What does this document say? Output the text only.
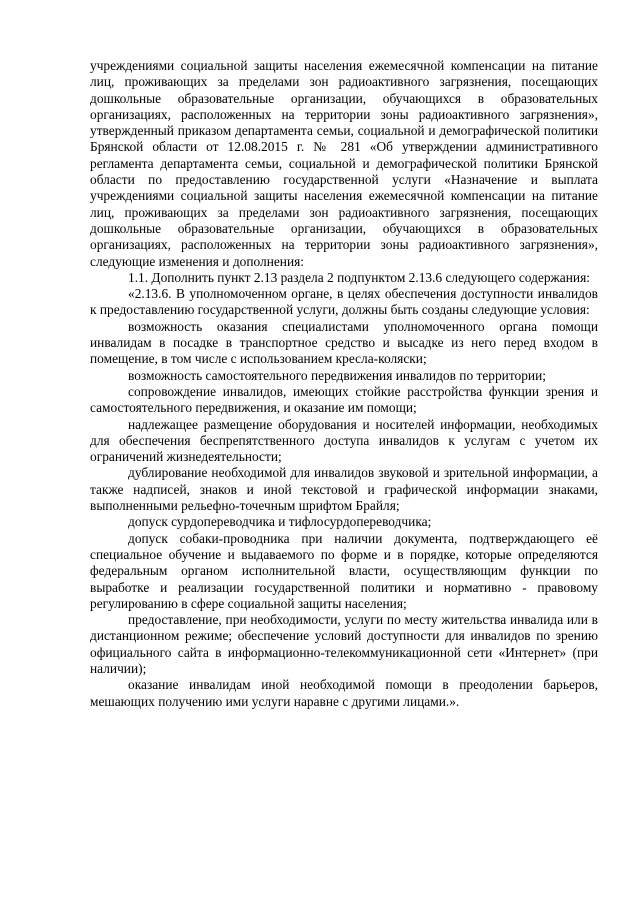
учреждениями социальной защиты населения ежемесячной компенсации на питание лиц, проживающих за пределами зон радиоактивного загрязнения, посещающих дошкольные образовательные организации, обучающихся в образовательных организациях, расположенных на территории зоны радиоактивного загрязнения», утвержденный приказом департамента семьи, социальной и демографической политики Брянской области от 12.08.2015 г. № 281 «Об утверждении административного регламента департамента семьи, социальной и демографической политики Брянской области по предоставлению государственной услуги «Назначение и выплата учреждениями социальной защиты населения ежемесячной компенсации на питание лиц, проживающих за пределами зон радиоактивного загрязнения, посещающих дошкольные образовательные организации, обучающихся в образовательных организациях, расположенных на территории зоны радиоактивного загрязнения», следующие изменения и дополнения:

1.1. Дополнить пункт 2.13 раздела 2 подпунктом 2.13.6 следующего содержания:

«2.13.6. В уполномоченном органе, в целях обеспечения доступности инвалидов к предоставлению государственной услуги, должны быть созданы следующие условия:

возможность оказания специалистами уполномоченного органа помощи инвалидам в посадке в транспортное средство и высадке из него перед входом в помещение, в том числе с использованием кресла-коляски;

возможность самостоятельного передвижения инвалидов по территории;

сопровождение инвалидов, имеющих стойкие расстройства функции зрения и самостоятельного передвижения, и оказание им помощи;

надлежащее размещение оборудования и носителей информации, необходимых для обеспечения беспрепятственного доступа инвалидов к услугам с учетом их ограничений жизнедеятельности;

дублирование необходимой для инвалидов звуковой и зрительной информации, а также надписей, знаков и иной текстовой и графической информации знаками, выполненными рельефно-точечным шрифтом Брайля;

допуск сурдопереводчика и тифлосурдопереводчика;

допуск собаки-проводника при наличии документа, подтверждающего её специальное обучение и выдаваемого по форме и в порядке, которые определяются федеральным органом исполнительной власти, осуществляющим функции по выработке и реализации государственной политики и нормативно - правовому регулированию в сфере социальной защиты населения;

предоставление, при необходимости, услуги по месту жительства инвалида или в дистанционном режиме; обеспечение условий доступности для инвалидов по зрению официального сайта в информационно-телекоммуникационной сети «Интернет» (при наличии);

оказание инвалидам иной необходимой помощи в преодолении барьеров, мешающих получению ими услуги наравне с другими лицами.».
